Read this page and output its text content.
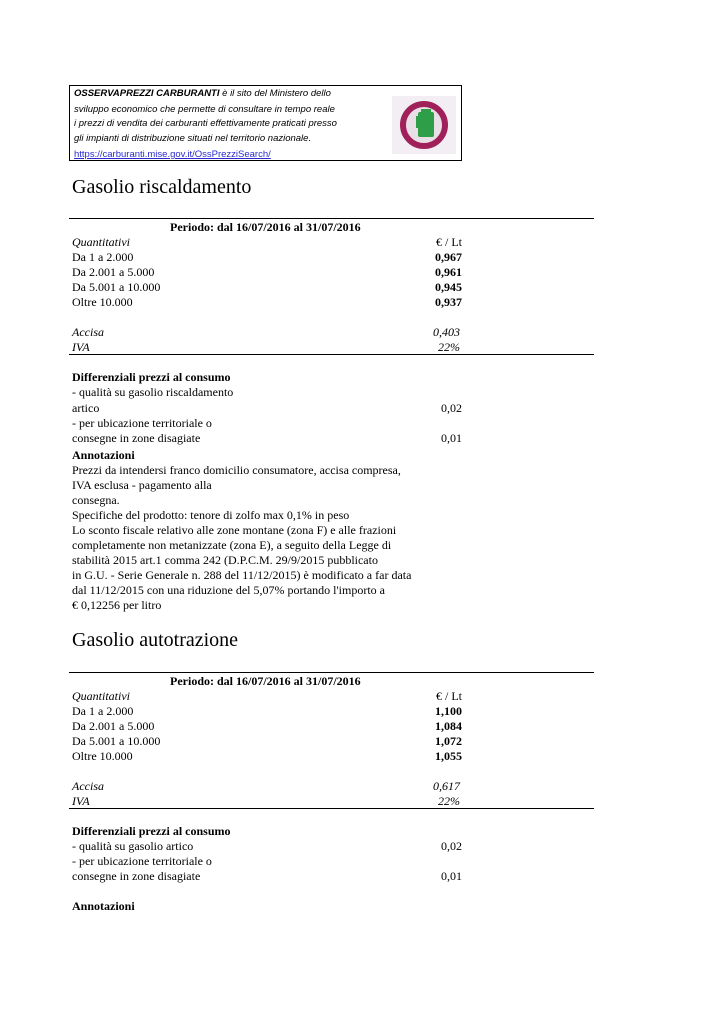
OSSERVAPREZZI CARBURANTI è il sito del Ministero dello
sviluppo economico che permette di consultare in tempo reale
i prezzi di vendita dei carburanti effettivamente praticati presso
gli impianti di distribuzione situati nel territorio nazionale.
https://carburanti.mise.gov.it/OssPrezziSearch/
Gasolio riscaldamento
Periodo: dal 16/07/2016 al 31/07/2016
Quantitativi	€ / Lt
Da 1 a 2.000	0,967
Da 2.001 a 5.000	0,961
Da 5.001 a 10.000	0,945
Oltre 10.000	0,937
Accisa	0,403
IVA	22%
Differenziali prezzi al consumo
- qualità su gasolio riscaldamento
artico	0,02
- per ubicazione territoriale o
consegne in zone disagiate	0,01
Annotazioni
Prezzi da intendersi franco domicilio consumatore, accisa compresa,
IVA esclusa - pagamento alla
consegna.
Specifiche del prodotto: tenore di zolfo max 0,1% in peso
Lo sconto fiscale relativo alle zone montane (zona F) e alle frazioni
completamente non metanizzate (zona E), a seguito della Legge di
stabilità 2015 art.1 comma 242 (D.P.C.M. 29/9/2015 pubblicato
in G.U. - Serie Generale n. 288 del 11/12/2015) è modificato a far data
dal 11/12/2015 con una riduzione del 5,07% portando l'importo a
€ 0,12256 per litro
Gasolio autotrazione
Periodo: dal 16/07/2016 al 31/07/2016
Quantitativi	€ / Lt
Da 1 a 2.000	1,100
Da 2.001 a 5.000	1,084
Da 5.001 a 10.000	1,072
Oltre 10.000	1,055
Accisa	0,617
IVA	22%
Differenziali prezzi al consumo
- qualità su gasolio artico	0,02
- per ubicazione territoriale o
consegne in zone disagiate	0,01
Annotazioni
